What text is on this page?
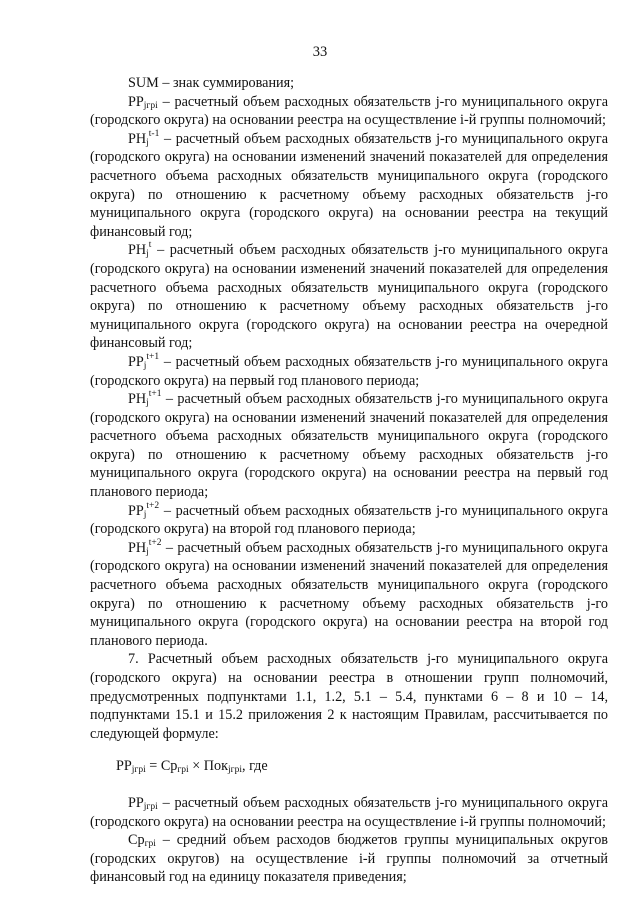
33

SUM – знак суммирования;

$PP_{jгрi}$ – расчетный объем расходных обязательств j-го муниципального округа (городского округа) на основании реестра на осуществление i-й группы полномочий;

$PH_j^{t-1}$ – расчетный объем расходных обязательств j-го муниципального округа (городского округа) на основании изменений значений показателей для определения расчетного объема расходных обязательств муниципального округа (городского округа) по отношению к расчетному объему расходных обязательств j-го муниципального округа (городского округа) на основании реестра на текущий финансовый год;

$PH_j^t$ – расчетный объем расходных обязательств j-го муниципального округа (городского округа) на основании изменений значений показателей для определения расчетного объема расходных обязательств муниципального округа (городского округа) по отношению к расчетному объему расходных обязательств j-го муниципального округа (городского округа) на основании реестра на очередной финансовый год;

$PP_j^{t+1}$ – расчетный объем расходных обязательств j-го муниципального округа (городского округа) на первый год планового периода;

$PH_j^{t+1}$ – расчетный объем расходных обязательств j-го муниципального округа (городского округа) на основании изменений значений показателей для определения расчетного объема расходных обязательств муниципального округа (городского округа) по отношению к расчетному объему расходных обязательств j-го муниципального округа (городского округа) на основании реестра на первый год планового периода;

$PP_j^{t+2}$ – расчетный объем расходных обязательств j-го муниципального округа (городского округа) на второй год планового периода;

$PH_j^{t+2}$ – расчетный объем расходных обязательств j-го муниципального округа (городского округа) на основании изменений значений показателей для определения расчетного объема расходных обязательств муниципального округа (городского округа) по отношению к расчетному объему расходных обязательств j-го муниципального округа (городского округа) на основании реестра на второй год планового периода.

7. Расчетный объем расходных обязательств j-го муниципального округа (городского округа) на основании реестра в отношении групп полномочий, предусмотренных подпунктами 1.1, 1.2, 5.1 – 5.4, пунктами 6 – 8 и 10 – 14, подпунктами 15.1 и 15.2 приложения 2 к настоящим Правилам, рассчитывается по следующей формуле:

$PP_{jгрi} = Ср_{грi} \times Пок_{jгрi}$, где

$PP_{jгрi}$ – расчетный объем расходных обязательств j-го муниципального округа (городского округа) на основании реестра на осуществление i-й группы полномочий;

$Ср_{грi}$ – средний объем расходов бюджетов группы муниципальных округов (городских округов) на осуществление i-й группы полномочий за отчетный финансовый год на единицу показателя приведения;
